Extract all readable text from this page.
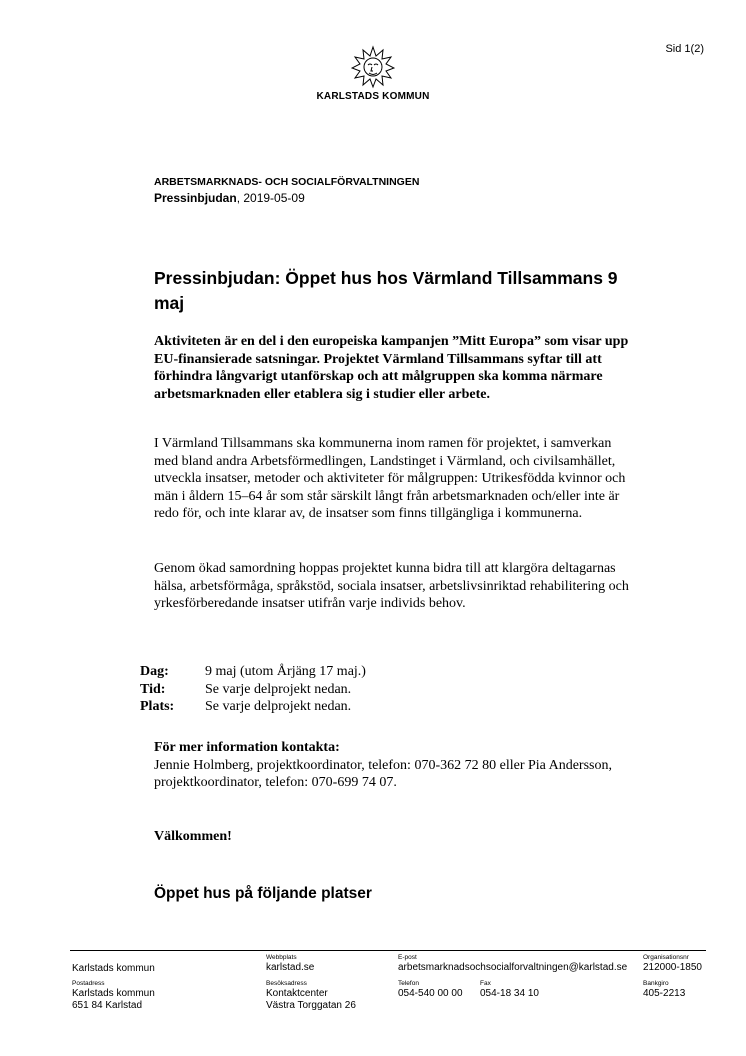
Sid 1(2)
KARLSTADS KOMMUN
ARBETSMARKNADS- OCH SOCIALFÖRVALTNINGEN
Pressinbjudan, 2019-05-09
Pressinbjudan: Öppet hus hos Värmland Tillsammans 9 maj
Aktiviteten är en del i den europeiska kampanjen ”Mitt Europa” som visar upp EU-finansierade satsningar. Projektet Värmland Tillsammans syftar till att förhindra långvarigt utanförskap och att målgruppen ska komma närmare arbetsmarknaden eller etablera sig i studier eller arbete.
I Värmland Tillsammans ska kommunerna inom ramen för projektet, i samverkan med bland andra Arbetsförmedlingen, Landstinget i Värmland, och civilsamhället, utveckla insatser, metoder och aktiviteter för målgruppen: Utrikesfödda kvinnor och män i åldern 15–64 år som står särskilt långt från arbetsmarknaden och/eller inte är redo för, och inte klarar av, de insatser som finns tillgängliga i kommunerna.
Genom ökad samordning hoppas projektet kunna bidra till att klargöra deltagarnas hälsa, arbetsförmåga, språkstöd, sociala insatser, arbetslivsinriktad rehabilitering och yrkesförberedande insatser utifrån varje individs behov.
Dag:	9 maj (utom Årjäng 17 maj.)
Tid:	Se varje delprojekt nedan.
Plats:	Se varje delprojekt nedan.
För mer information kontakta:
Jennie Holmberg, projektkoordinator, telefon: 070-362 72 80 eller Pia Andersson, projektkoordinator, telefon: 070-699 74 07.
Välkommen!
Öppet hus på följande platser
Karlstads kommun
Webbplats
karlstad.se
E-post
arbetsmarknadsochsocialforvaltningen@karlstad.se
Organisationsnr
212000-1850
Postadress
Karlstads kommun
651 84 Karlstad
Besöksadress
Kontaktcenter
Västra Torggatan 26
Telefon
054-540 00 00
Fax
054-18 34 10
Bankgiro
405-2213
